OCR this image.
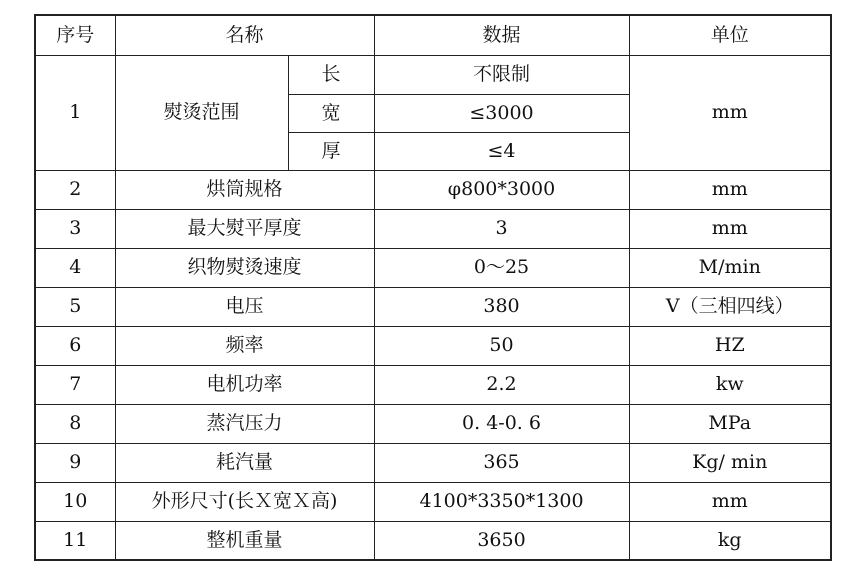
序号	名称		数据	单位
1	熨烫范围	长	不限制	mm
		宽	≤3000	
		厚	≤4	
2	烘筒规格		φ800*3000	mm
3	最大熨平厚度		3	mm
4	织物熨烫速度		0～25	M/min
5	电压		380	V（三相四线）
6	频率		50	HZ
7	电机功率		2.2	kw
8	蒸汽压力		0. 4-0. 6	MPa
9	耗汽量		365	Kg/ min
10	外形尺寸(长Ｘ宽Ｘ高)		4100*3350*1300	mm
11	整机重量		3650	kg
